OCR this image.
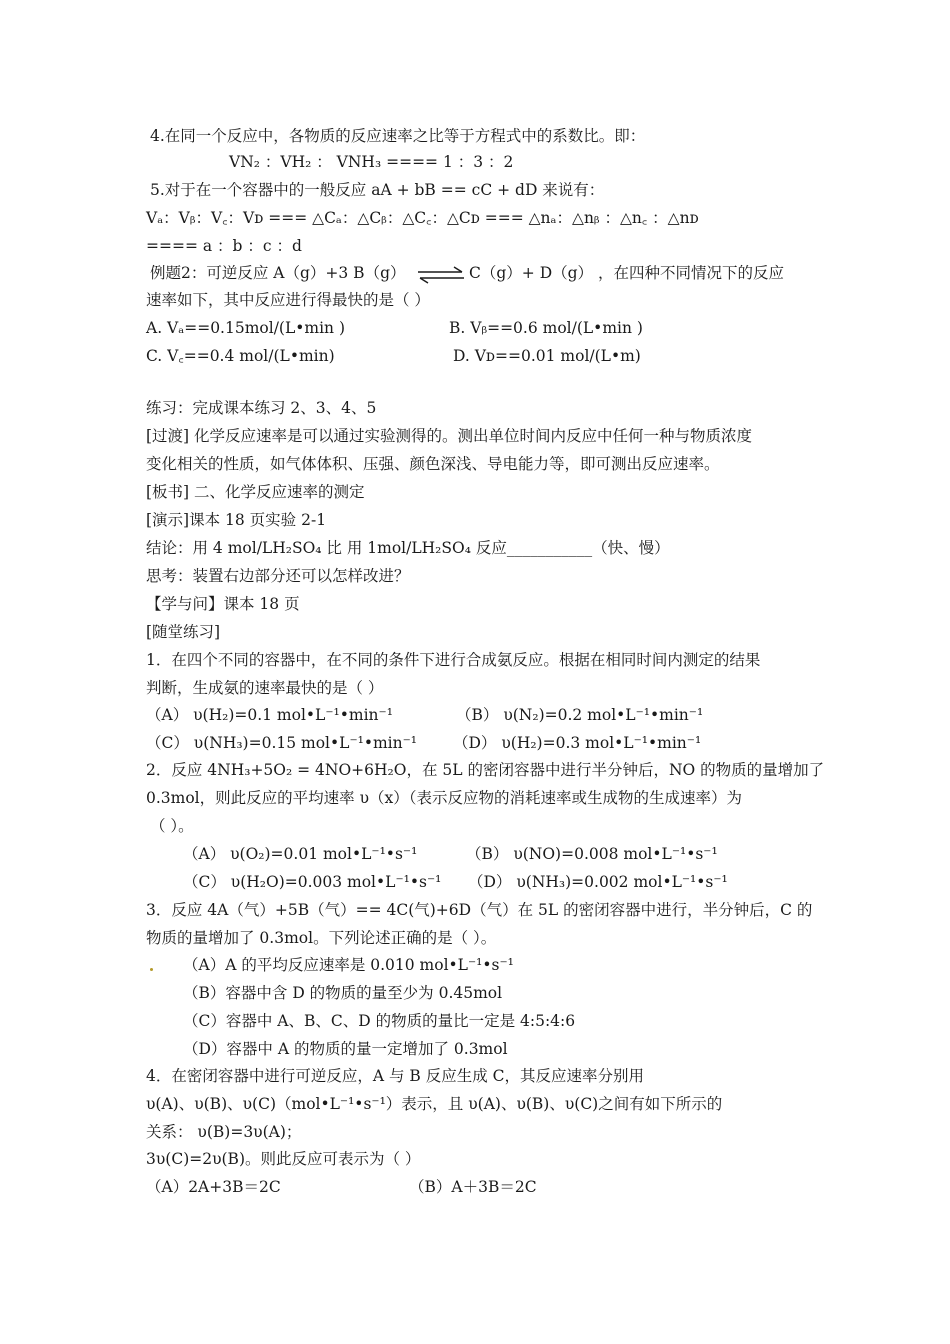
4.在同一个反应中，各物质的反应速率之比等于方程式中的系数比。即：
VN₂ ：VH₂ ： VNH₃ ==== 1 ：3 ：2
5.对于在一个容器中的一般反应 aA + bB == cC + dD 来说有：
Vₐ：Vᵦ：V꜀：Vᴅ === △Cₐ：△Cᵦ：△C꜀：△Cᴅ === △nₐ：△nᵦ ：△n꜀ ：△nᴅ
==== a ：b ：c ：d
例题2：可逆反应 A（g）+3 B（g） ⇌ C（g）+ D（g） ，在四种不同情况下的反应
速率如下，其中反应进行得最快的是（ ）
A. Vₐ==0.15mol/(L•min )	B. Vᵦ==0.6 mol/(L•min )
C. V꜀==0.4 mol/(L•min)	D. Vᴅ==0.01 mol/(L•m)
练习：完成课本练习 2、3、4、5
[过渡] 化学反应速率是可以通过实验测得的。测出单位时间内反应中任何一种与物质浓度
变化相关的性质，如气体体积、压强、颜色深浅、导电能力等，即可测出反应速率。
[板书] 二、化学反应速率的测定
[演示]课本 18 页实验 2-1
结论：用 4 mol/LH₂SO₄ 比 用 1mol/LH₂SO₄ 反应___________（快、慢）
思考：装置右边部分还可以怎样改进？
【学与问】课本 18 页
[随堂练习]
1．在四个不同的容器中，在不同的条件下进行合成氨反应。根据在相同时间内测定的结果
判断，生成氨的速率最快的是（ ）
（A） υ(H₂)=0.1 mol•L⁻¹•min⁻¹	（B） υ(N₂)=0.2 mol•L⁻¹•min⁻¹
（C） υ(NH₃)=0.15 mol•L⁻¹•min⁻¹ （D） υ(H₂)=0.3 mol•L⁻¹•min⁻¹
2．反应 4NH₃+5O₂ = 4NO+6H₂O，在 5L 的密闭容器中进行半分钟后，NO 的物质的量增加了
0.3mol，则此反应的平均速率 υ（x）（表示反应物的消耗速率或生成物的生成速率）为
（ ）。
（A） υ(O₂)=0.01 mol•L⁻¹•s⁻¹	（B） υ(NO)=0.008 mol•L⁻¹•s⁻¹
（C） υ(H₂O)=0.003 mol•L⁻¹•s⁻¹ （D） υ(NH₃)=0.002 mol•L⁻¹•s⁻¹
3．反应 4A（气）+5B（气）== 4C(气)+6D（气）在 5L 的密闭容器中进行，半分钟后，C 的
物质的量增加了 0.3mol。下列论述正确的是（ ）。
（A）A 的平均反应速率是 0.010 mol•L⁻¹•s⁻¹
（B）容器中含 D 的物质的量至少为 0.45mol
（C）容器中 A、B、C、D 的物质的量比一定是 4:5:4:6
（D）容器中 A 的物质的量一定增加了 0.3mol
4．在密闭容器中进行可逆反应，A 与 B 反应生成 C，其反应速率分别用
υ(A)、υ(B)、υ(C)（mol•L⁻¹•s⁻¹）表示，且 υ(A)、υ(B)、υ(C)之间有如下所示的
关系： υ(B)=3υ(A)；
3υ(C)=2υ(B)。则此反应可表示为（ ）
（A）2A+3B＝2C	（B）A＋3B＝2C
